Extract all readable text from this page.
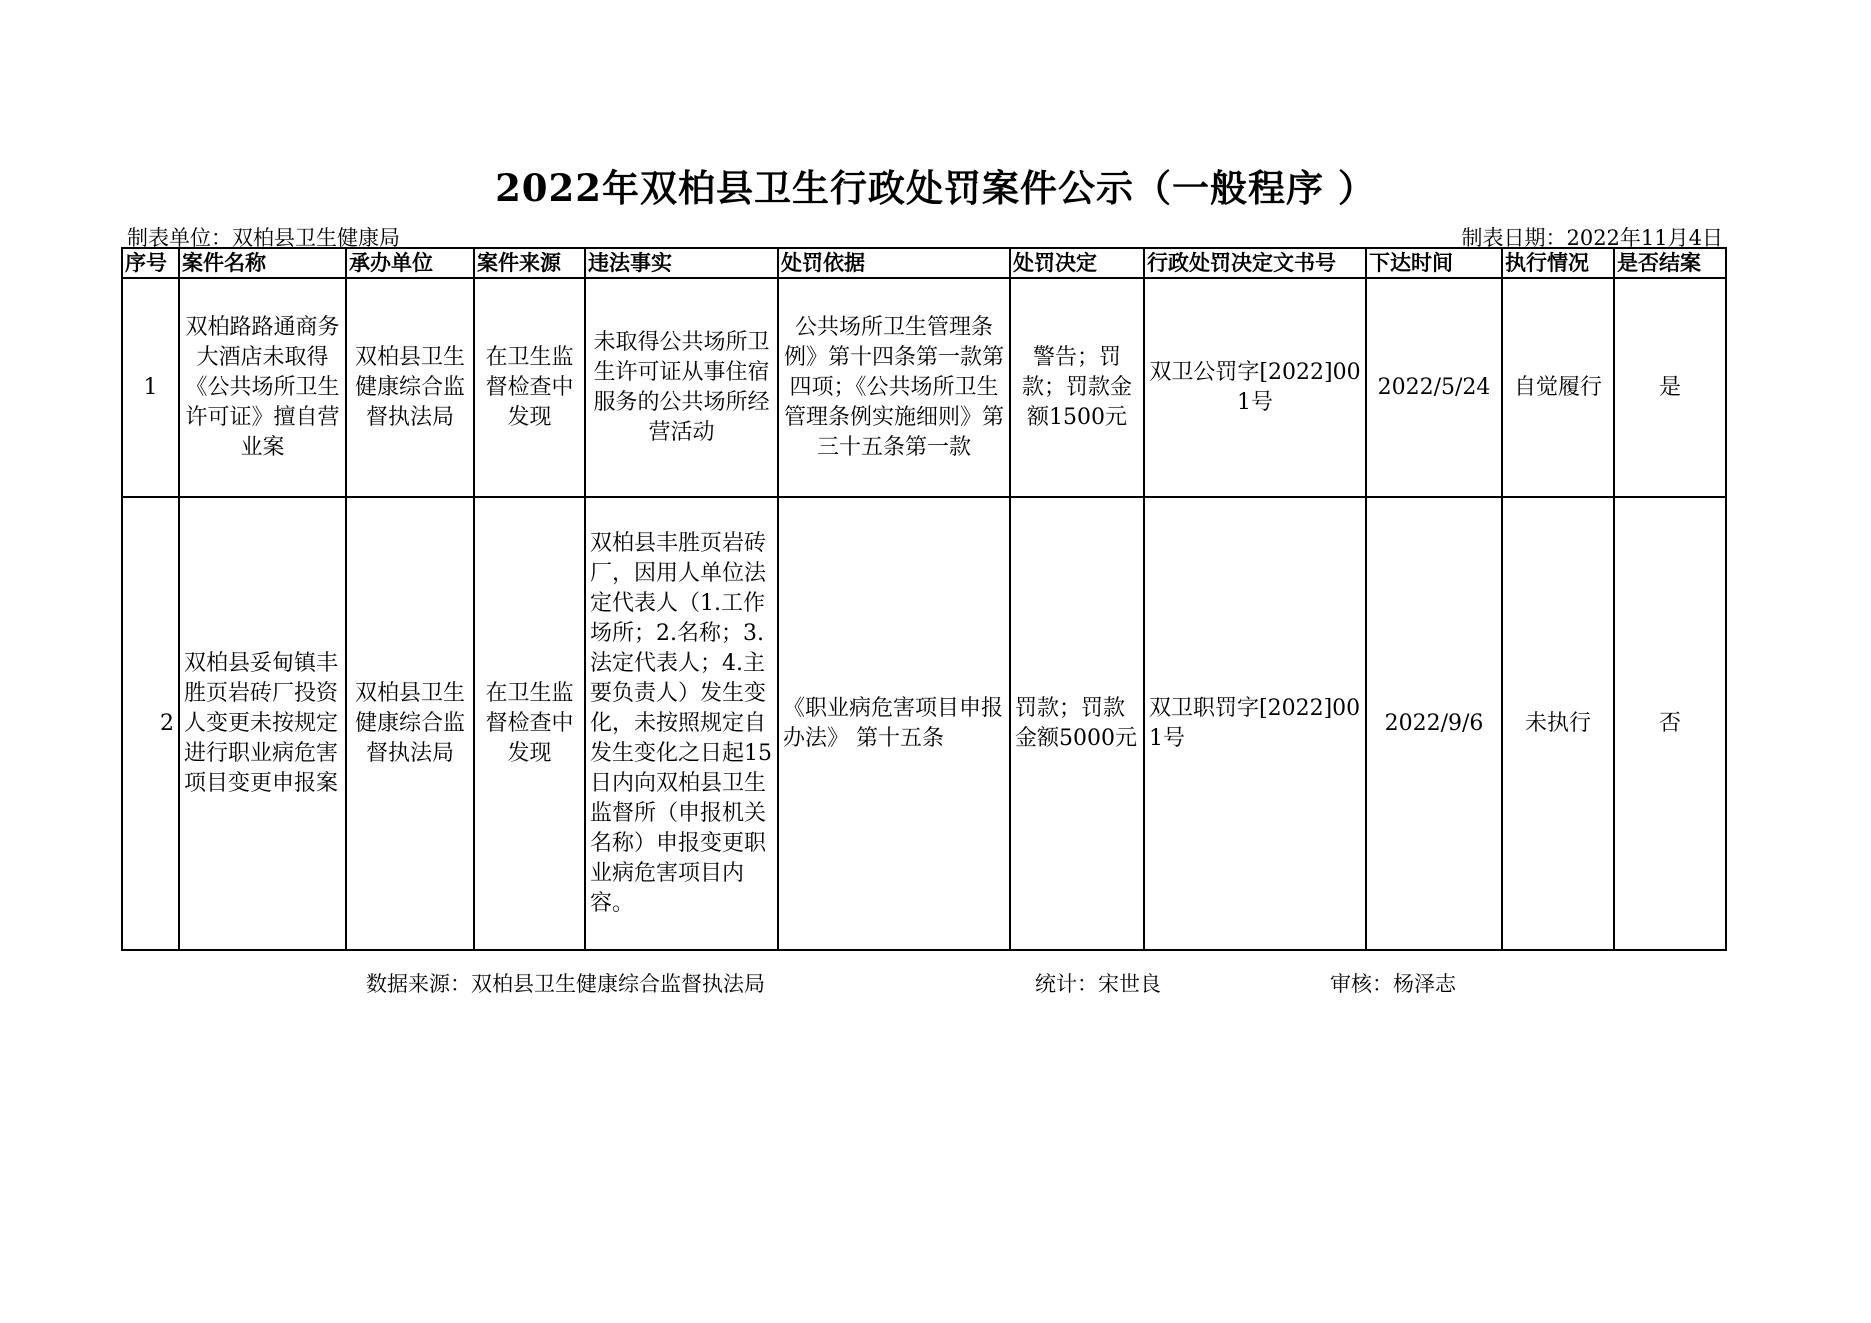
2022年双柏县卫生行政处罚案件公示（一般程序 ）
制表单位：双柏县卫生健康局	制表日期：2022年11月4日
序号	案件名称	承办单位	案件来源	违法事实	处罚依据	处罚决定	行政处罚决定文书号	下达时间	执行情况	是否结案
1	双柏路路通商务大酒店未取得《公共场所卫生许可证》擅自营业案	双柏县卫生健康综合监督执法局	在卫生监督检查中发现	未取得公共场所卫生许可证从事住宿服务的公共场所经营活动	公共场所卫生管理条例》第十四条第一款第四项；《公共场所卫生管理条例实施细则》第三十五条第一款	警告；罚款；罚款金额1500元	双卫公罚字[2022]001号	2022/5/24	自觉履行	是
2	双柏县妥甸镇丰胜页岩砖厂投资人变更未按规定进行职业病危害项目变更申报案	双柏县卫生健康综合监督执法局	在卫生监督检查中发现	双柏县丰胜页岩砖厂，因用人单位法定代表人（1.工作场所；2.名称；3.法定代表人；4.主要负责人）发生变化，未按照规定自发生变化之日起15日内向双柏县卫生监督所（申报机关名称）申报变更职业病危害项目内容。	《职业病危害项目申报办法》 第十五条	罚款；罚款金额5000元	双卫职罚字[2022]001号	2022/9/6	未执行	否
数据来源：双柏县卫生健康综合监督执法局	统计：宋世良	审核：杨泽志
